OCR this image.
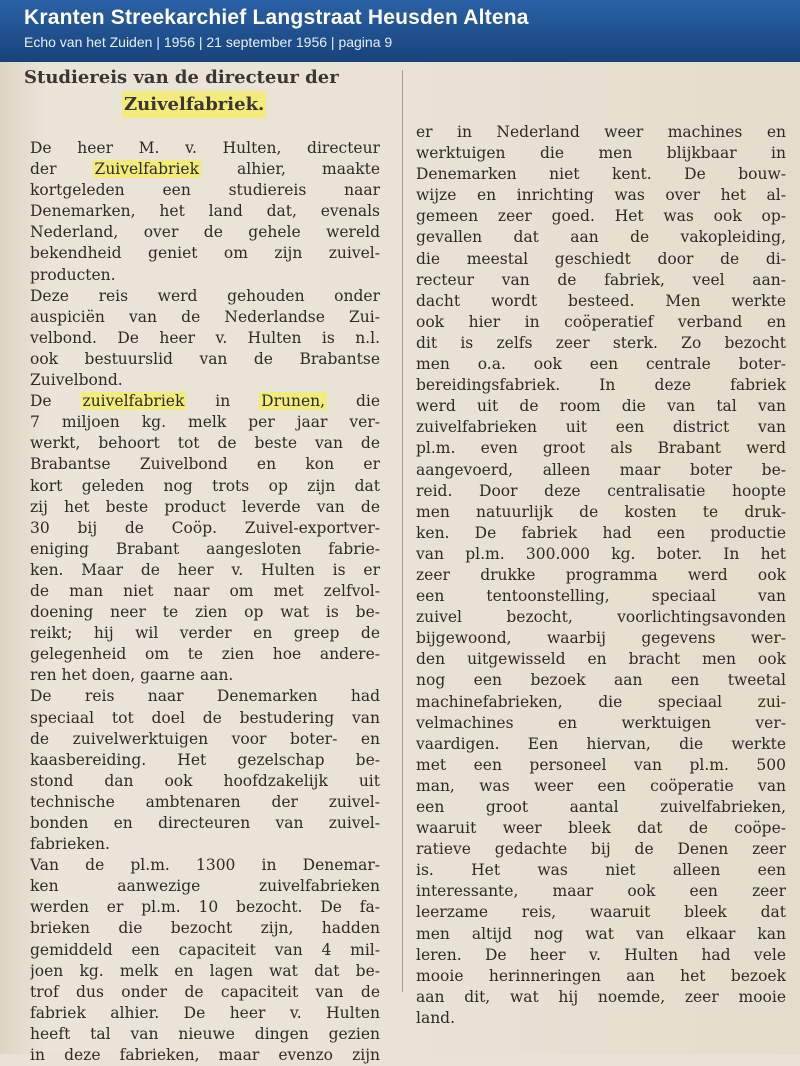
Kranten Streekarchief Langstraat Heusden Altena
Echo van het Zuiden | 1956 | 21 september 1956 | pagina 9
Studiereis van de directeur der
Zuivelfabriek.
De heer M. v. Hulten, directeur
der Zuivelfabriek alhier, maakte
kortgeleden een studiereis naar
Denemarken, het land dat, evenals
Nederland, over de gehele wereld
bekendheid geniet om zijn zuivel-
producten.
Deze reis werd gehouden onder
auspiciën van de Nederlandse Zui-
velbond. De heer v. Hulten is n.l.
ook bestuurslid van de Brabantse
Zuivelbond.
De zuivelfabriek in Drunen, die
7 miljoen kg. melk per jaar ver-
werkt, behoort tot de beste van de
Brabantse Zuivelbond en kon er
kort geleden nog trots op zijn dat
zij het beste product leverde van de
30 bij de Coöp. Zuivel-exportver-
eniging Brabant aangesloten fabrie-
ken. Maar de heer v. Hulten is er
de man niet naar om met zelfvol-
doening neer te zien op wat is be-
reikt; hij wil verder en greep de
gelegenheid om te zien hoe andere-
ren het doen, gaarne aan.
De reis naar Denemarken had
speciaal tot doel de bestudering van
de zuivelwerktuigen voor boter- en
kaasbereiding. Het gezelschap be-
stond dan ook hoofdzakelijk uit
technische ambtenaren der zuivel-
bonden en directeuren van zuivel-
fabrieken.
Van de pl.m. 1300 in Denemar-
ken aanwezige zuivelfabrieken
werden er pl.m. 10 bezocht. De fa-
brieken die bezocht zijn, hadden
gemiddeld een capaciteit van 4 mil-
joen kg. melk en lagen wat dat be-
trof dus onder de capaciteit van de
fabriek alhier. De heer v. Hulten
heeft tal van nieuwe dingen gezien
in deze fabrieken, maar evenzo zijn
er in Nederland weer machines en
werktuigen die men blijkbaar in
Denemarken niet kent. De bouw-
wijze en inrichting was over het al-
gemeen zeer goed. Het was ook op-
gevallen dat aan de vakopleiding,
die meestal geschiedt door de di-
recteur van de fabriek, veel aan-
dacht wordt besteed. Men werkte
ook hier in coöperatief verband en
dit is zelfs zeer sterk. Zo bezocht
men o.a. ook een centrale boter-
bereidingsfabriek. In deze fabriek
werd uit de room die van tal van
zuivelfabrieken uit een district van
pl.m. even groot als Brabant werd
aangevoerd, alleen maar boter be-
reid. Door deze centralisatie hoopte
men natuurlijk de kosten te druk-
ken. De fabriek had een productie
van pl.m. 300.000 kg. boter. In het
zeer drukke programma werd ook
een tentoonstelling, speciaal van
zuivel bezocht, voorlichtingsavonden
bijgewoond, waarbij gegevens wer-
den uitgewisseld en bracht men ook
nog een bezoek aan een tweetal
machinefabrieken, die speciaal zui-
velmachines en werktuigen ver-
vaardigen. Een hiervan, die werkte
met een personeel van pl.m. 500
man, was weer een coöperatie van
een groot aantal zuivelfabrieken,
waaruit weer bleek dat de coöpe-
ratieve gedachte bij de Denen zeer
is. Het was niet alleen een
interessante, maar ook een zeer
leerzame reis, waaruit bleek dat
men altijd nog wat van elkaar kan
leren. De heer v. Hulten had vele
mooie herinneringen aan het bezoek
aan dit, wat hij noemde, zeer mooie
land.
